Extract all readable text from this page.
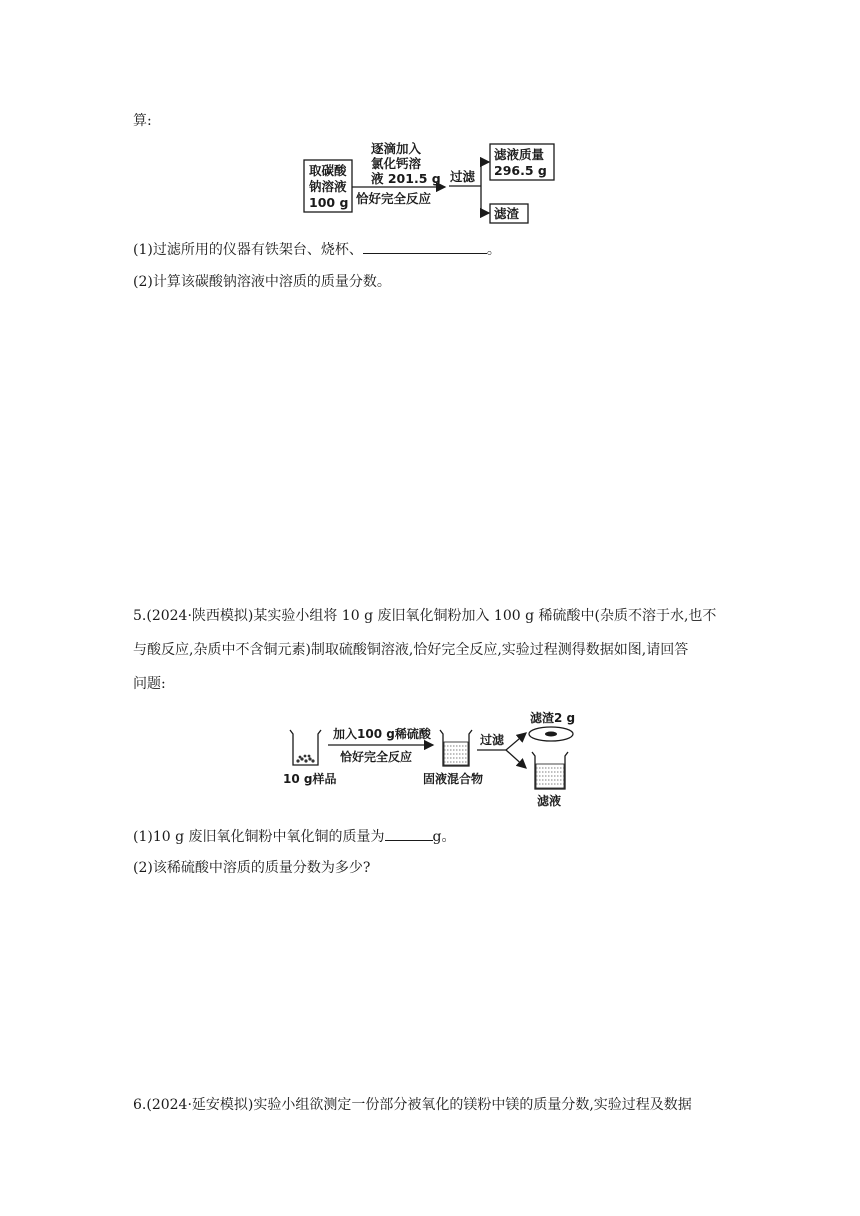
算:
取碳酸
钠溶液
100 g
逐滴加入
氯化钙溶
液 201.5 g
恰好完全反应
过滤
滤液质量
296.5 g
滤渣
(1)过滤所用的仪器有铁架台、烧杯、	。
(2)计算该碳酸钠溶液中溶质的质量分数。
5.(2024·陕西模拟)某实验小组将 10 g 废旧氧化铜粉加入 100 g 稀硫酸中(杂质不溶于水,也不
与酸反应,杂质中不含铜元素)制取硫酸铜溶液,恰好完全反应,实验过程测得数据如图,请回答
问题:
10 g样品
加入100 g稀硫酸
恰好完全反应
固液混合物
过滤
滤渣2 g
滤液
(1)10 g 废旧氧化铜粉中氧化铜的质量为	g。
(2)该稀硫酸中溶质的质量分数为多少?
6.(2024·延安模拟)实验小组欲测定一份部分被氧化的镁粉中镁的质量分数,实验过程及数据
